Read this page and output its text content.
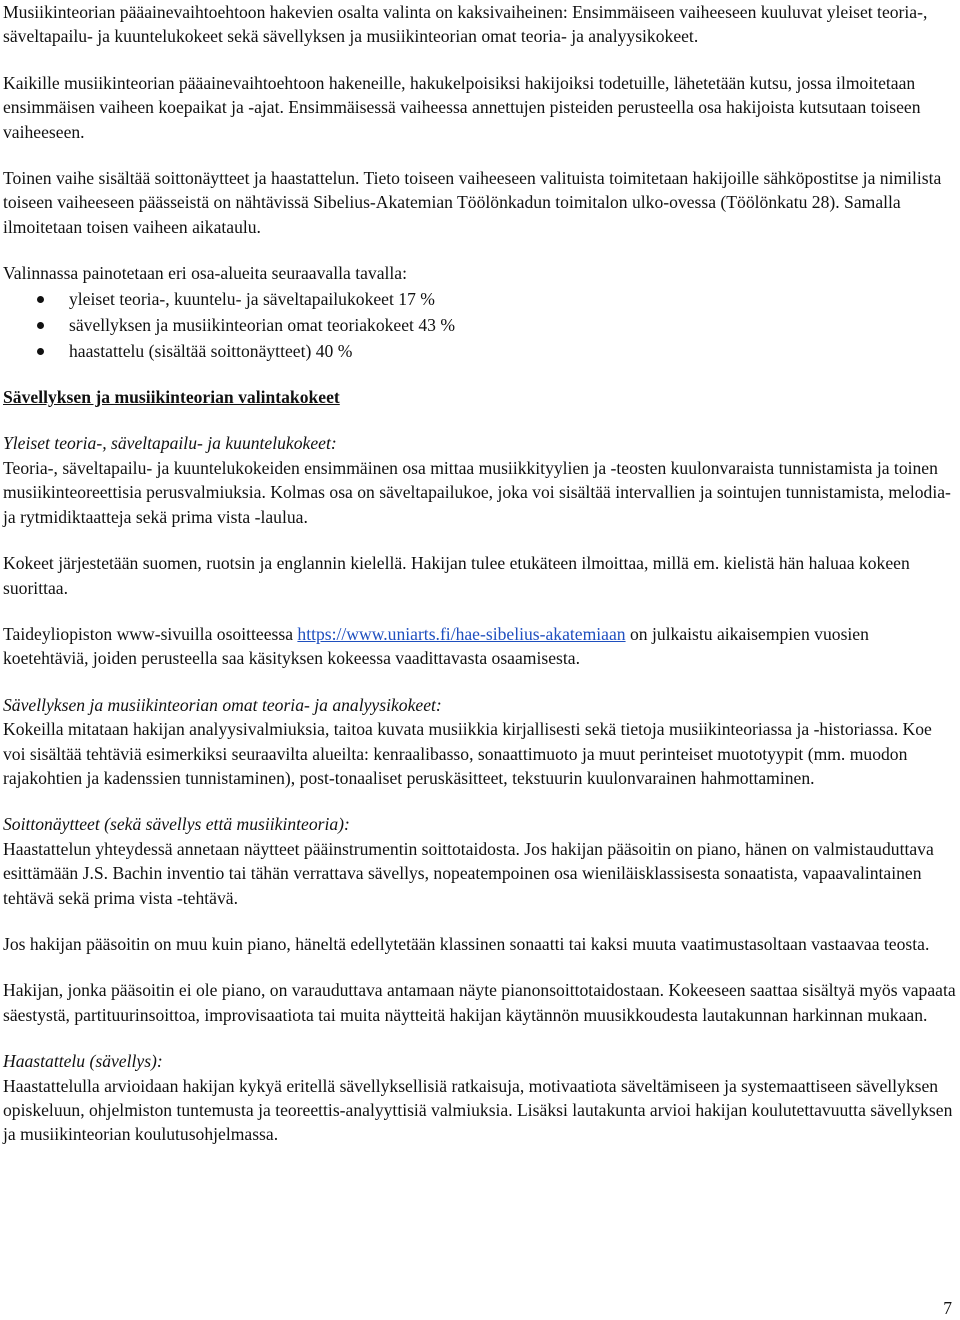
Musiikinteorian pääainevaihtoehtoon hakevien osalta valinta on kaksivaiheinen: Ensimmäiseen vaiheeseen kuuluvat yleiset teoria-, säveltapailu- ja kuuntelukokeet sekä sävellyksen ja musiikinteorian omat teoria- ja analyysikokeet.

Kaikille musiikinteorian pääainevaihtoehtoon hakeneille, hakukelpoisiksi hakijoiksi todetuille, lähetetään kutsu, jossa ilmoitetaan ensimmäisen vaiheen koepaikat ja -ajat. Ensimmäisessä vaiheessa annettujen pisteiden perusteella osa hakijoista kutsutaan toiseen vaiheeseen.

Toinen vaihe sisältää soittonäytteet ja haastattelun. Tieto toiseen vaiheeseen valituista toimitetaan hakijoille sähköpostitse ja nimilista toiseen vaiheeseen päässeistä on nähtävissä Sibelius-Akatemian Töölönkadun toimitalon ulko-ovessa (Töölönkatu 28). Samalla ilmoitetaan toisen vaiheen aikataulu.

Valinnassa painotetaan eri osa-alueita seuraavalla tavalla:
yleiset teoria-, kuuntelu- ja säveltapailukokeet 17 %
sävellyksen ja musiikinteorian omat teoriakokeet 43 %
haastattelu (sisältää soittonäytteet) 40 %
Sävellyksen ja musiikinteorian valintakokeet
Yleiset teoria-, säveltapailu- ja kuuntelukokeet:

Teoria-, säveltapailu- ja kuuntelukokeiden ensimmäinen osa mittaa musiikkityylien ja -teosten kuulonvaraista tunnistamista ja toinen musiikinteoreettisia perusvalmiuksia. Kolmas osa on säveltapailukoe, joka voi sisältää intervallien ja sointujen tunnistamista, melodia- ja rytmidiktaatteja sekä prima vista -laulua.

Kokeet järjestetään suomen, ruotsin ja englannin kielellä. Hakijan tulee etukäteen ilmoittaa, millä em. kielistä hän haluaa kokeen suorittaa.

Taideyliopiston www-sivuilla osoitteessa https://www.uniarts.fi/hae-sibelius-akatemiaan on julkaistu aikaisempien vuosien koetehtäviä, joiden perusteella saa käsityksen kokeessa vaadittavasta osaamisesta.

Sävellyksen ja musiikinteorian omat teoria- ja analyysikokeet:

Kokeilla mitataan hakijan analyysivalmiuksia, taitoa kuvata musiikkia kirjallisesti sekä tietoja musiikinteoriassa ja -historiassa. Koe voi sisältää tehtäviä esimerkiksi seuraavilta alueilta: kenraalibasso, sonaattimuoto ja muut perinteiset muototyypit (mm. muodon rajakohtien ja kadenssien tunnistaminen), post-tonaaliset peruskäsitteet, tekstuurin kuulonvarainen hahmottaminen.

Soittonäytteet (sekä sävellys että musiikinteoria):

Haastattelun yhteydessä annetaan näytteet pääinstrumentin soittotaidosta. Jos hakijan pääsoitin on piano, hänen on valmistauduttava esittämään J.S. Bachin inventio tai tähän verrattava sävellys, nopeatempoinen osa wieniläisklassisesta sonaatista, vapaavalintainen tehtävä sekä prima vista -tehtävä.

Jos hakijan pääsoitin on muu kuin piano, häneltä edellytetään klassinen sonaatti tai kaksi muuta vaatimustasoltaan vastaavaa teosta.

Hakijan, jonka pääsoitin ei ole piano, on varauduttava antamaan näyte pianonsoittotaidostaan. Kokeeseen saattaa sisältyä myös vapaata säestystä, partituurinsoittoa, improvisaatiota tai muita näytteitä hakijan käytännön muusikkoudesta lautakunnan harkinnan mukaan.

Haastattelu (sävellys):

Haastattelulla arvioidaan hakijan kykyä eritellä sävellyksellisiä ratkaisuja, motivaatiota säveltämiseen ja systemaattiseen sävellyksen opiskeluun, ohjelmiston tuntemusta ja teoreettis-analyyttisiä valmiuksia. Lisäksi lautakunta arvioi hakijan koulutettavuutta sävellyksen ja musiikinteorian koulutusohjelmassa.

7
